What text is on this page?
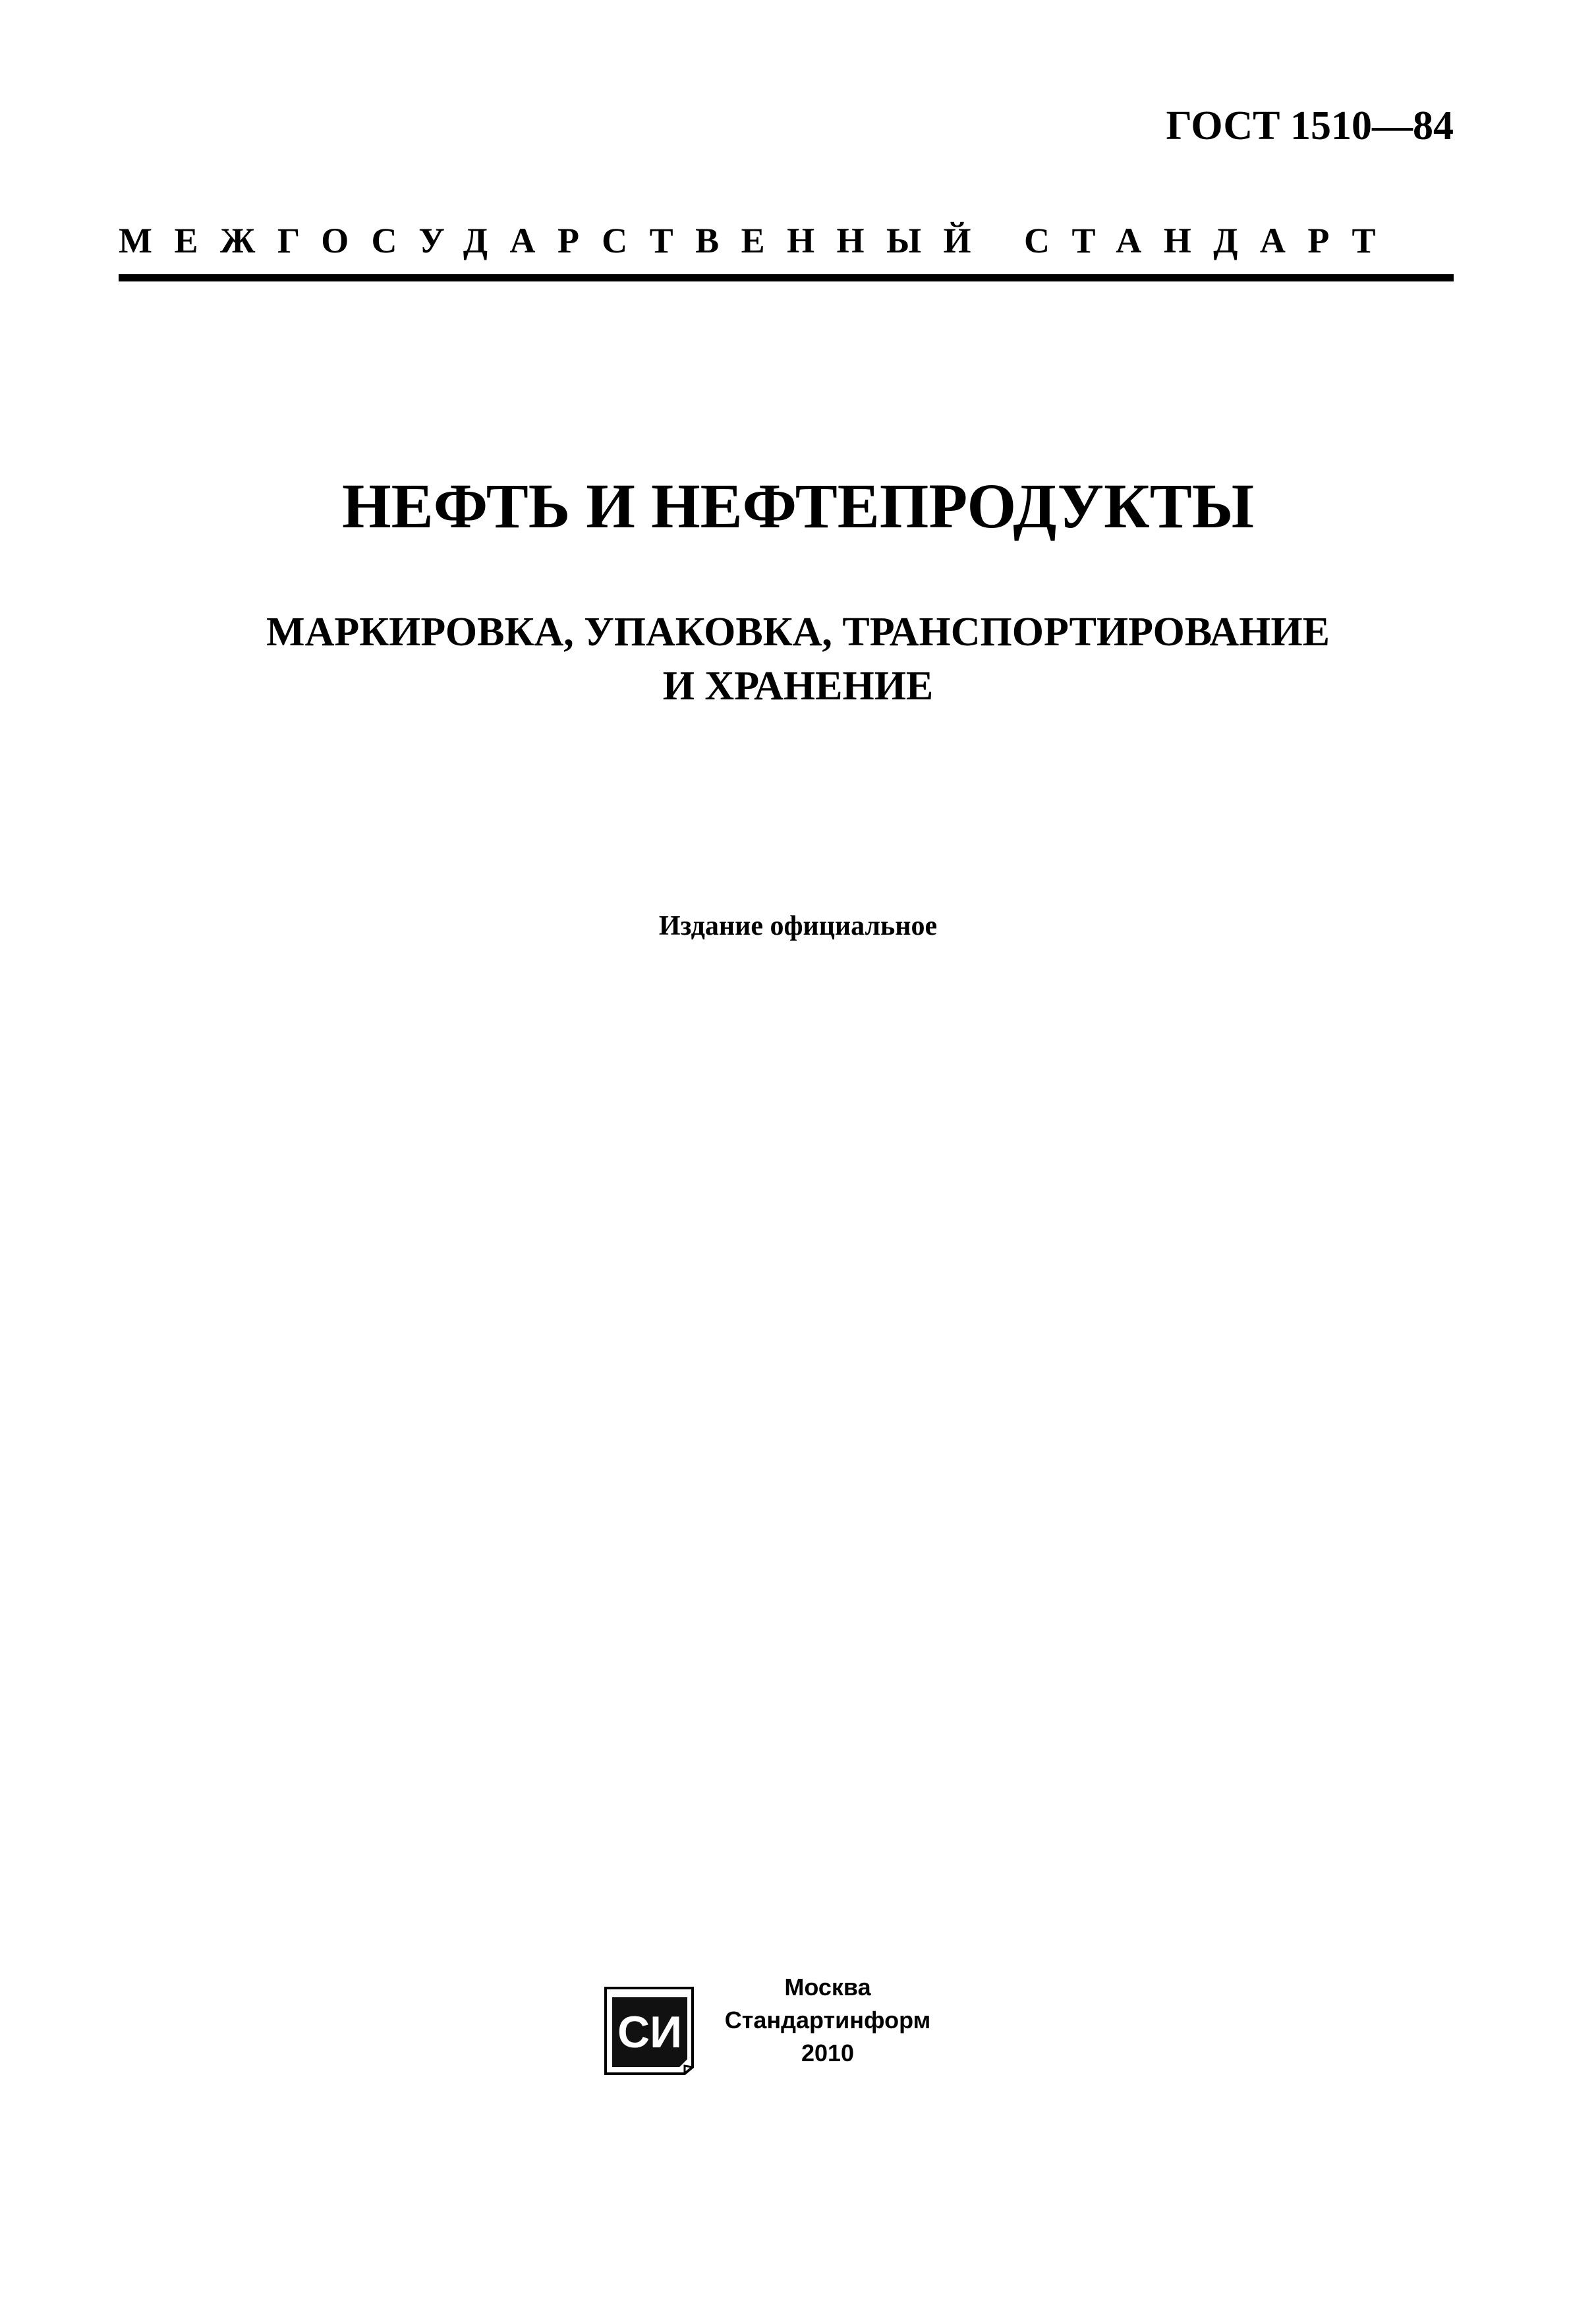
ГОСТ 1510—84
МЕЖГОСУДАРСТВЕННЫЙ СТАНДАРТ
НЕФТЬ И НЕФТЕПРОДУКТЫ
МАРКИРОВКА, УПАКОВКА, ТРАНСПОРТИРОВАНИЕ
И ХРАНЕНИЕ
Издание официальное
СИ
Москва
Стандартинформ
2010
